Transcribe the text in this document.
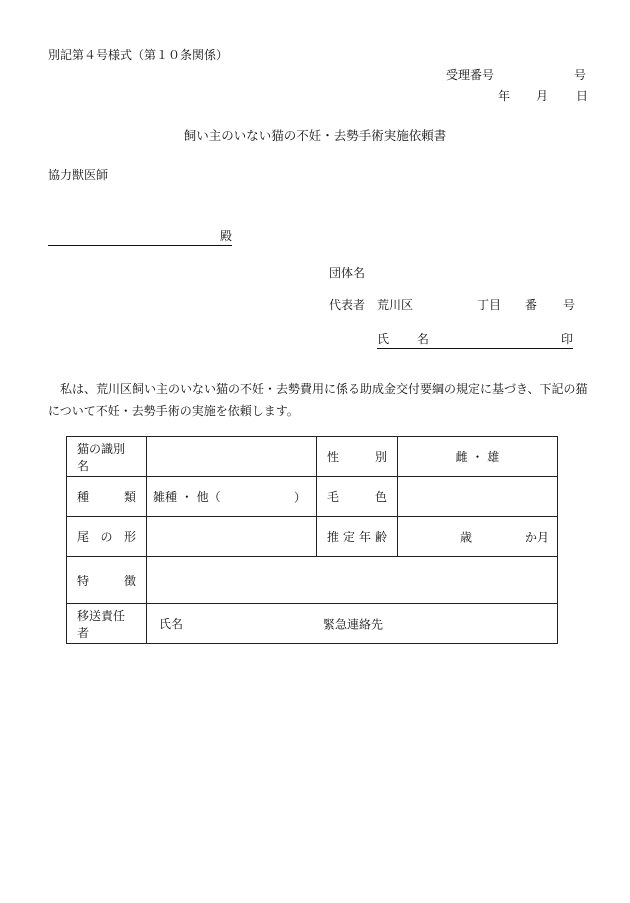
別記第４号様式（第１０条関係）
受理番号	号
年 月 日
飼い主のいない猫の不妊・去勢手術実施依頼書
協力獣医師
殿
団体名
代表者 荒川区	丁目 番 号
氏 名	印
私は、荒川区飼い主のいない猫の不妊・去勢費用に係る助成金交付要綱の規定に基づき、下記の猫について不妊・去勢手術の実施を依頼します。
猫の識別名		性別	雌 ・ 雄
種類	雑種 ・ 他（ ）	毛色	
尾の形		推定年齢	歳 か月

特徴			
移送責任者	氏名 緊急連絡先		
